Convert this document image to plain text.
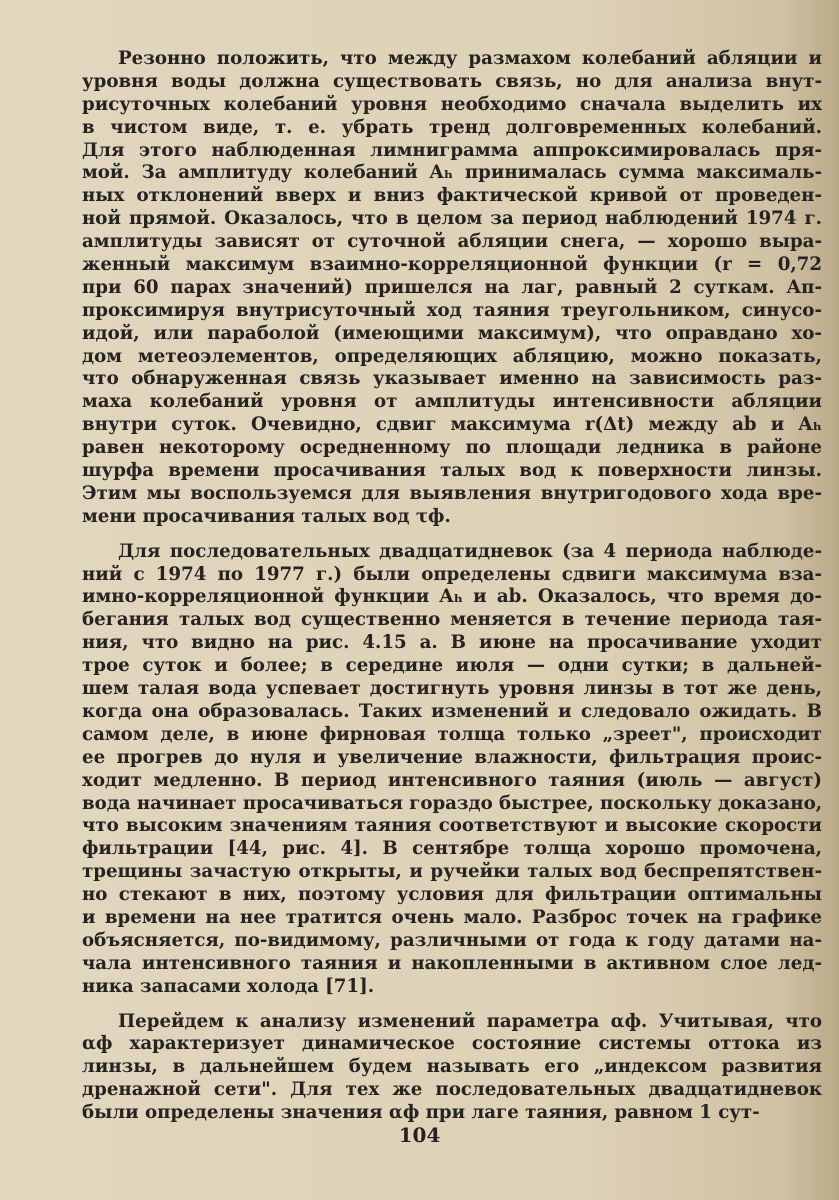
Резонно положить, что между размахом колебаний абляции и
уровня воды должна существовать связь, но для анализа внут-
рисуточных колебаний уровня необходимо сначала выделить их
в чистом виде, т. е. убрать тренд долговременных колебаний.
Для этого наблюденная лимниграмма аппроксимировалась пря-
мой. За амплитуду колебаний Aₕ принималась сумма максималь-
ных отклонений вверх и вниз фактической кривой от проведен-
ной прямой. Оказалось, что в целом за период наблюдений 1974 г.
амплитуды зависят от суточной абляции снега, — хорошо выра-
женный максимум взаимно-корреляционной функции (r = 0,72
при 60 парах значений) пришелся на лаг, равный 2 суткам. Ап-
проксимируя внутрисуточный ход таяния треугольником, синусо-
идой, или параболой (имеющими максимум), что оправдано хо-
дом метеоэлементов, определяющих абляцию, можно показать,
что обнаруженная связь указывает именно на зависимость раз-
маха колебаний уровня от амплитуды интенсивности абляции
внутри суток. Очевидно, сдвиг максимума r(Δt) между ab и Aₕ
равен некоторому осредненному по площади ледника в районе
шурфа времени просачивания талых вод к поверхности линзы.
Этим мы воспользуемся для выявления внутригодового хода вре-
мени просачивания талых вод τф.
Для последовательных двадцатидневок (за 4 периода наблюде-
ний с 1974 по 1977 г.) были определены сдвиги максимума вза-
имно-корреляционной функции Aₕ и ab. Оказалось, что время до-
бегания талых вод существенно меняется в течение периода тая-
ния, что видно на рис. 4.15 a. В июне на просачивание уходит
трое суток и более; в середине июля — одни сутки; в дальней-
шем талая вода успевает достигнуть уровня линзы в тот же день,
когда она образовалась. Таких изменений и следовало ожидать. В
самом деле, в июне фирновая толща только „зреет", происходит
ее прогрев до нуля и увеличение влажности, фильтрация проис-
ходит медленно. В период интенсивного таяния (июль — август)
вода начинает просачиваться гораздо быстрее, поскольку доказано,
что высоким значениям таяния соответствуют и высокие скорости
фильтрации [44, рис. 4]. В сентябре толща хорошо промочена,
трещины зачастую открыты, и ручейки талых вод беспрепятствен-
но стекают в них, поэтому условия для фильтрации оптимальны
и времени на нее тратится очень мало. Разброс точек на графике
объясняется, по-видимому, различными от года к году датами на-
чала интенсивного таяния и накопленными в активном слое лед-
ника запасами холода [71].
Перейдем к анализу изменений параметра αф. Учитывая, что
αф характеризует динамическое состояние системы оттока из
линзы, в дальнейшем будем называть его „индексом развития
дренажной сети". Для тех же последовательных двадцатидневок
были определены значения αф при лаге таяния, равном 1 сут-
104
